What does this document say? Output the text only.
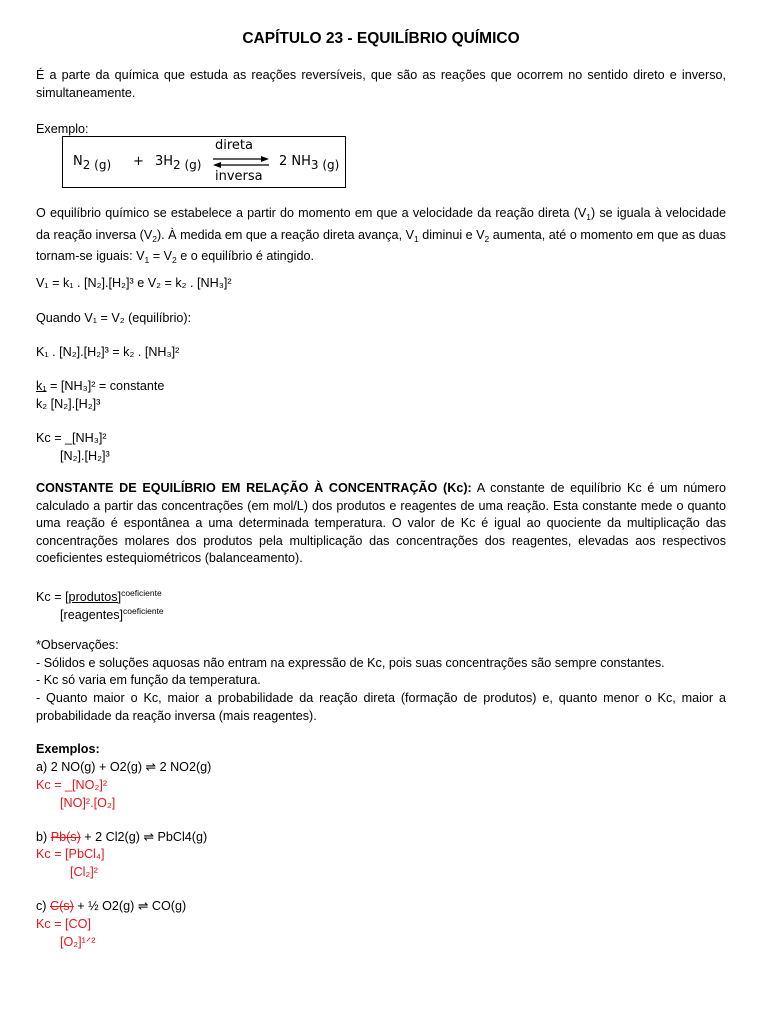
CAPÍTULO 23 - EQUILÍBRIO QUÍMICO
É a parte da química que estuda as reações reversíveis, que são as reações que ocorrem no sentido direto e inverso, simultaneamente.
Exemplo:
N2 (g) + 3H2 (g)
direta
inversa
2 NH3 (g)
O equilíbrio químico se estabelece a partir do momento em que a velocidade da reação direta $(V_1)$ se iguala à velocidade da reação inversa $(V_2)$. À medida em que a reação direta avança, $V_1$ diminui e $V_2$ aumenta, até o momento em que as duas tornam-se iguais: $V_1 = V_2$ e o equilíbrio é atingido.
V₁ = k₁ . [N₂].[H₂]³ e V₂ = k₂ . [NH₃]²
Quando V₁ = V₂ (equilíbrio):
K₁ . [N₂].[H₂]³ = k₂ . [NH₃]²
k₁ = [NH₃]² = constante
k₂ [N₂].[H₂]³
Kc = _[NH₃]²
[N₂].[H₂]³
CONSTANTE DE EQUILÍBRIO EM RELAÇÃO À CONCENTRAÇÃO (Kc): A constante de equilíbrio Kc é um número calculado a partir das concentrações (em mol/L) dos produtos e reagentes de uma reação. Esta constante mede o quanto uma reação é espontânea a uma determinada temperatura. O valor de Kc é igual ao quociente da multiplicação das concentrações molares dos produtos pela multiplicação das concentrações dos reagentes, elevadas aos respectivos coeficientes estequiométricos (balanceamento).
Kc = [produtos]$^{coeficiente}$
[reagentes]$^{coeficiente}$
*Observações:
- Sólidos e soluções aquosas não entram na expressão de Kc, pois suas concentrações são sempre constantes.
- Kc só varia em função da temperatura.
- Quanto maior o Kc, maior a probabilidade da reação direta (formação de produtos) e, quanto menor o Kc, maior a probabilidade da reação inversa (mais reagentes).
Exemplos:
a) 2 NO(g) + O2(g) ⇌ 2 NO2(g)
Kc = _[NO₂]²
[NO]².[O₂]
b) Pb(s) + 2 Cl2(g) ⇌ PbCl4(g)
Kc = [PbCl₄]
[Cl₂]²
c) C(s) + ½ O2(g) ⇌ CO(g)
Kc = [CO]
[O₂]¹ᐟ²
